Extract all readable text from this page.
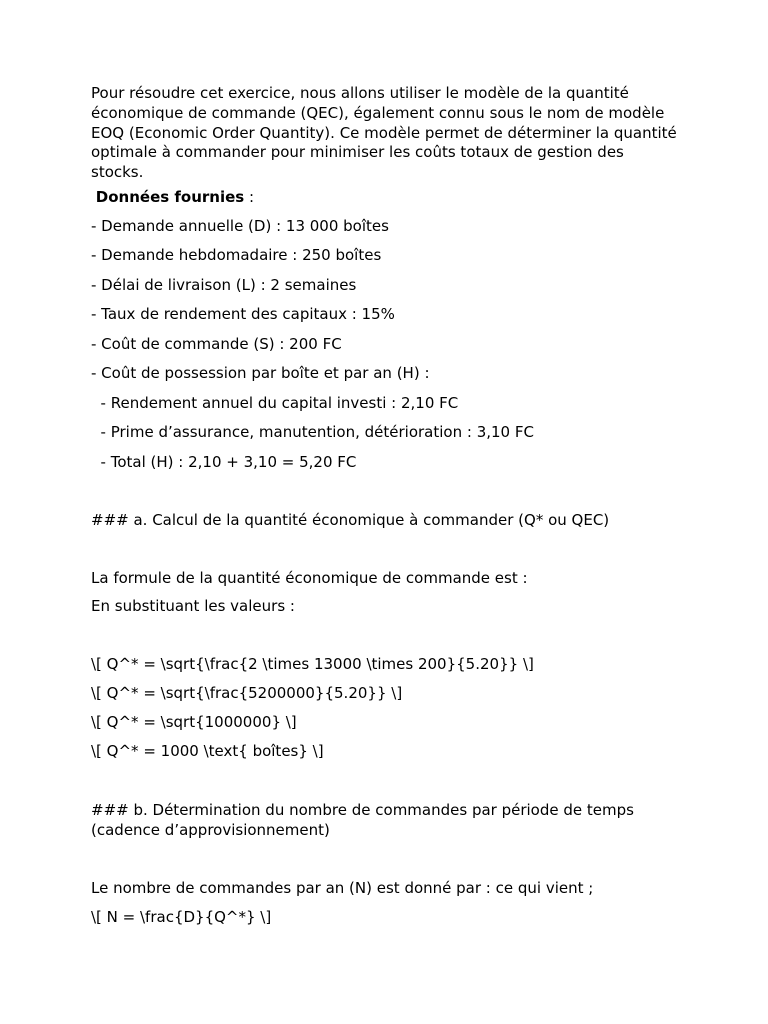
Pour résoudre cet exercice, nous allons utiliser le modèle de la quantité économique de commande (QEC), également connu sous le nom de modèle EOQ (Economic Order Quantity). Ce modèle permet de déterminer la quantité optimale à commander pour minimiser les coûts totaux de gestion des stocks.

Données fournies :

- Demande annuelle (D) : 13 000 boîtes

- Demande hebdomadaire : 250 boîtes

- Délai de livraison (L) : 2 semaines

- Taux de rendement des capitaux : 15%

- Coût de commande (S) : 200 FC

- Coût de possession par boîte et par an (H) :

- Rendement annuel du capital investi : 2,10 FC

- Prime d’assurance, manutention, détérioration : 3,10 FC

- Total (H) : 2,10 + 3,10 = 5,20 FC

### a. Calcul de la quantité économique à commander (Q* ou QEC)

La formule de la quantité économique de commande est :

En substituant les valeurs :

\[ Q^* = \sqrt{\frac{2 \times 13000 \times 200}{5.20}} \]

\[ Q^* = \sqrt{\frac{5200000}{5.20}} \]

\[ Q^* = \sqrt{1000000} \]

\[ Q^* = 1000 \text{ boîtes} \]

### b. Détermination du nombre de commandes par période de temps (cadence d’approvisionnement)

Le nombre de commandes par an (N) est donné par : ce qui vient ;

\[ N = \frac{D}{Q^*} \]
